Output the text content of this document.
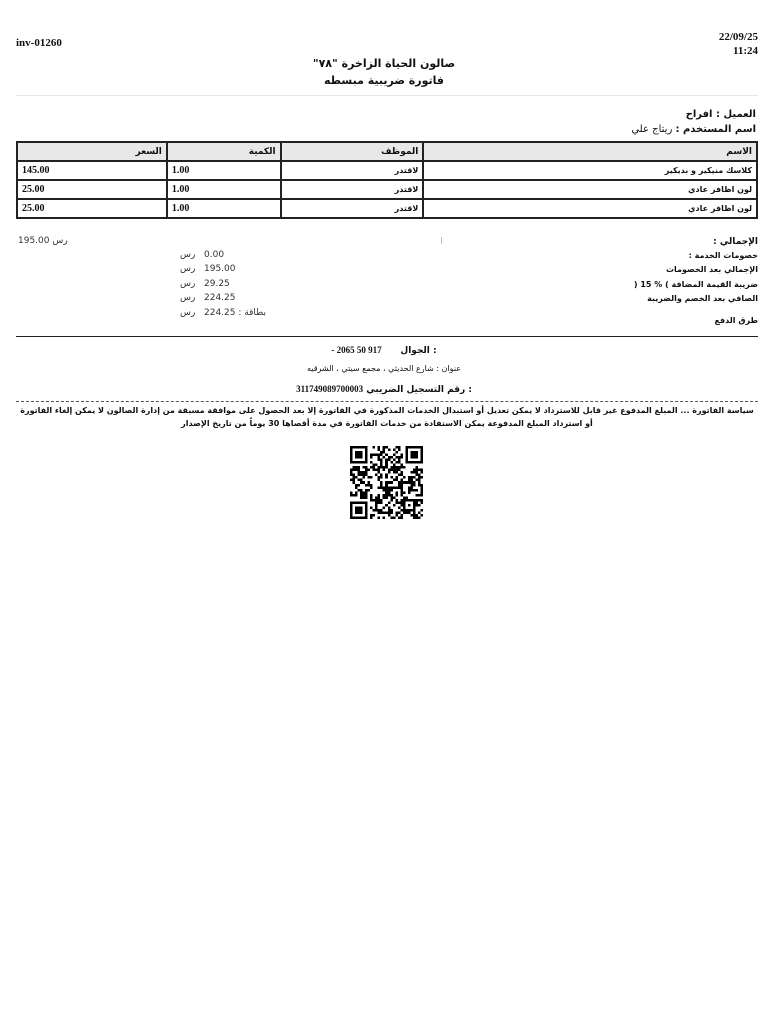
inv-01260	22/09/25
11:24
صالون الحياة الزاخرة "٧٨"
فاتورة ضريبية مبسطه
العميل : افراح
اسم المستخدم : ريتاج علي
الاسم	الموظف	الكمية	السعر
كلاسك منيكير و بديكير	لاقتدر	1.00	145.00
لون اظافر عادي	لاقتدر	1.00	25.00
لون اظافر عادي	لاقتدر	1.00	25.00
الإجمالي :
رس 195.00
خصومات الخدمة :
رس 0.00
الإجمالي بعد الخصومات
رس 195.00
ضريبة القيمة المضافة ) % 15 (
رس 29.25
الصافي بعد الخصم والضريبة
رس 224.25
طرق الدفع
رس بطاقة : 224.25
- 2065 50 917 الجوال :
عنوان : شارع الحديثي ، مجمع سيتي ، الشرقيه
311749089700003 رقم التسجيل الضريبي :
سياسة الفاتورة ... المبلغ المدفوع غير قابل للاسترداد لا يمكن تعديل أو استبدال الخدمات المذكورة في الفاتورة إلا بعد الحصول على موافقة مسبقة من إدارة الصالون لا يمكن إلغاء الفاتورة أو استرداد المبلغ المدفوعة يمكن الاستفادة من خدمات الفاتورة في مدة أقصاها 30 يوماً من تاريخ الإصدار
